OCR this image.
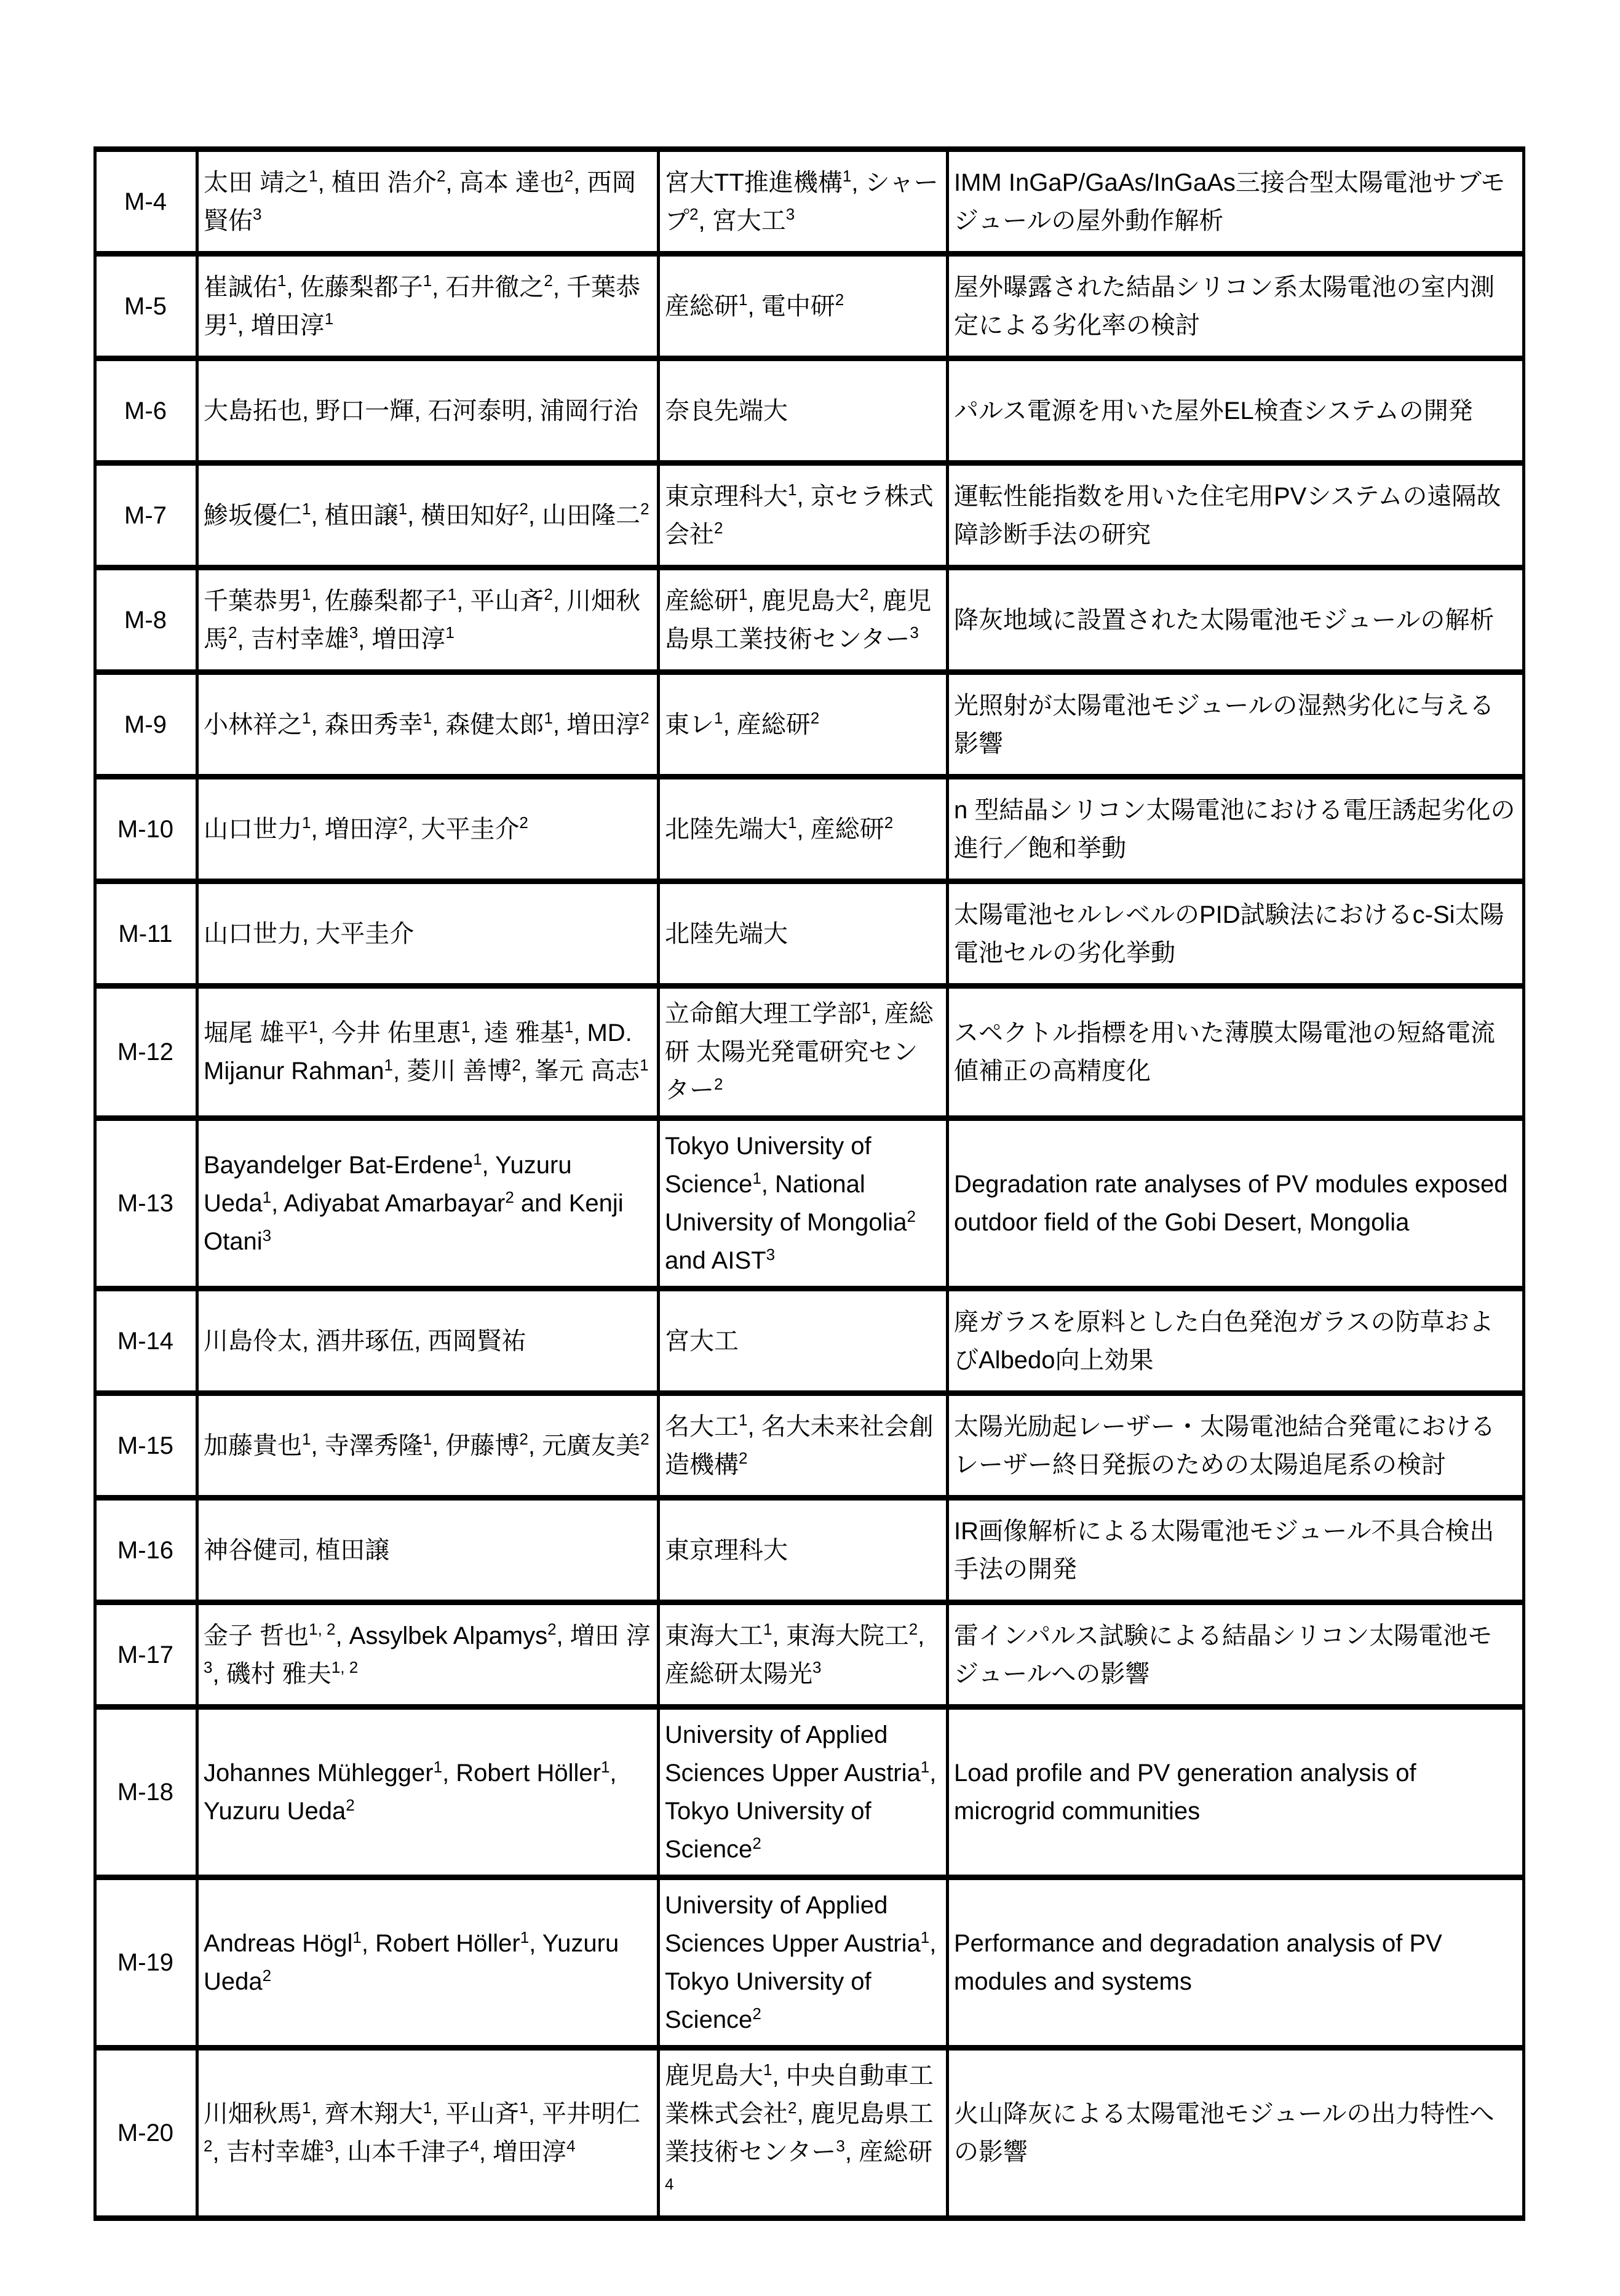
M-4	太田 靖之$^1$, 植田 浩介$^2$, 高本 達也$^2$, 西岡 賢佑$^3$	宮大TT推進機構$^1$, シャープ$^2$, 宮大工$^3$	IMM InGaP/GaAs/InGaAs三接合型太陽電池サブモジュールの屋外動作解析
M-5	崔誠佑$^1$, 佐藤梨都子$^1$, 石井徹之$^2$, 千葉恭男$^1$, 増田淳$^1$	産総研$^1$, 電中研$^2$	屋外曝露された結晶シリコン系太陽電池の室内測定による劣化率の検討
M-6	大島拓也, 野口一輝, 石河泰明, 浦岡行治	奈良先端大	パルス電源を用いた屋外EL検査システムの開発
M-7	鯵坂優仁$^1$, 植田譲$^1$, 横田知好$^2$, 山田隆二$^2$	東京理科大$^1$, 京セラ株式会社$^2$	運転性能指数を用いた住宅用PVシステムの遠隔故障診断手法の研究
M-8	千葉恭男$^1$, 佐藤梨都子$^1$, 平山斉$^2$, 川畑秋馬$^2$, 吉村幸雄$^3$, 増田淳$^1$	産総研$^1$, 鹿児島大$^2$, 鹿児島県工業技術センター$^3$	降灰地域に設置された太陽電池モジュールの解析
M-9	小林祥之$^1$, 森田秀幸$^1$, 森健太郎$^1$, 増田淳$^2$	東レ$^1$, 産総研$^2$	光照射が太陽電池モジュールの湿熱劣化に与える影響
M-10	山口世力$^1$, 増田淳$^2$, 大平圭介$^2$	北陸先端大$^1$, 産総研$^2$	n 型結晶シリコン太陽電池における電圧誘起劣化の進行／飽和挙動
M-11	山口世力, 大平圭介	北陸先端大	太陽電池セルレベルのPID試験法におけるc-Si太陽電池セルの劣化挙動
M-12	堀尾 雄平$^1$, 今井 佑里恵$^1$, 逵 雅基$^1$, MD. Mijanur Rahman$^1$, 菱川 善博$^2$, 峯元 高志$^1$	立命館大理工学部$^1$, 産総研 太陽光発電研究センター$^2$	スペクトル指標を用いた薄膜太陽電池の短絡電流値補正の高精度化
M-13	Bayandelger Bat-Erdene$^1$, Yuzuru Ueda$^1$, Adiyabat Amarbayar$^2$ and Kenji Otani$^3$	Tokyo University of Science$^1$, National University of Mongolia$^2$ and AIST$^3$	Degradation rate analyses of PV modules exposed outdoor field of the Gobi Desert, Mongolia
M-14	川島伶太, 酒井琢伍, 西岡賢祐	宮大工	廃ガラスを原料とした白色発泡ガラスの防草およびAlbedo向上効果
M-15	加藤貴也$^1$, 寺澤秀隆$^1$, 伊藤博$^2$, 元廣友美$^2$	名大工$^1$, 名大未来社会創造機構$^2$	太陽光励起レーザー・太陽電池結合発電におけるレーザー終日発振のための太陽追尾系の検討
M-16	神谷健司, 植田譲	東京理科大	IR画像解析による太陽電池モジュール不具合検出手法の開発
M-17	金子 哲也$^{1, 2}$, Assylbek Alpamys$^2$, 増田 淳$^3$, 磯村 雅夫$^{1, 2}$	東海大工$^1$, 東海大院工$^2$, 産総研太陽光$^3$	雷インパルス試験による結晶シリコン太陽電池モジュールへの影響
M-18	Johannes Mühlegger$^1$, Robert Höller$^1$, Yuzuru Ueda$^2$	University of Applied Sciences Upper Austria$^1$, Tokyo University of Science$^2$	Load profile and PV generation analysis of microgrid communities
M-19	Andreas Högl$^1$, Robert Höller$^1$, Yuzuru Ueda$^2$	University of Applied Sciences Upper Austria$^1$, Tokyo University of Science$^2$	Performance and degradation analysis of PV modules and systems
M-20	川畑秋馬$^1$, 齊木翔大$^1$, 平山斉$^1$, 平井明仁$^2$, 吉村幸雄$^3$, 山本千津子$^4$, 増田淳$^4$	鹿児島大$^1$, 中央自動車工業株式会社$^2$, 鹿児島県工業技術センター$^3$, 産総研$^4$	火山降灰による太陽電池モジュールの出力特性への影響
